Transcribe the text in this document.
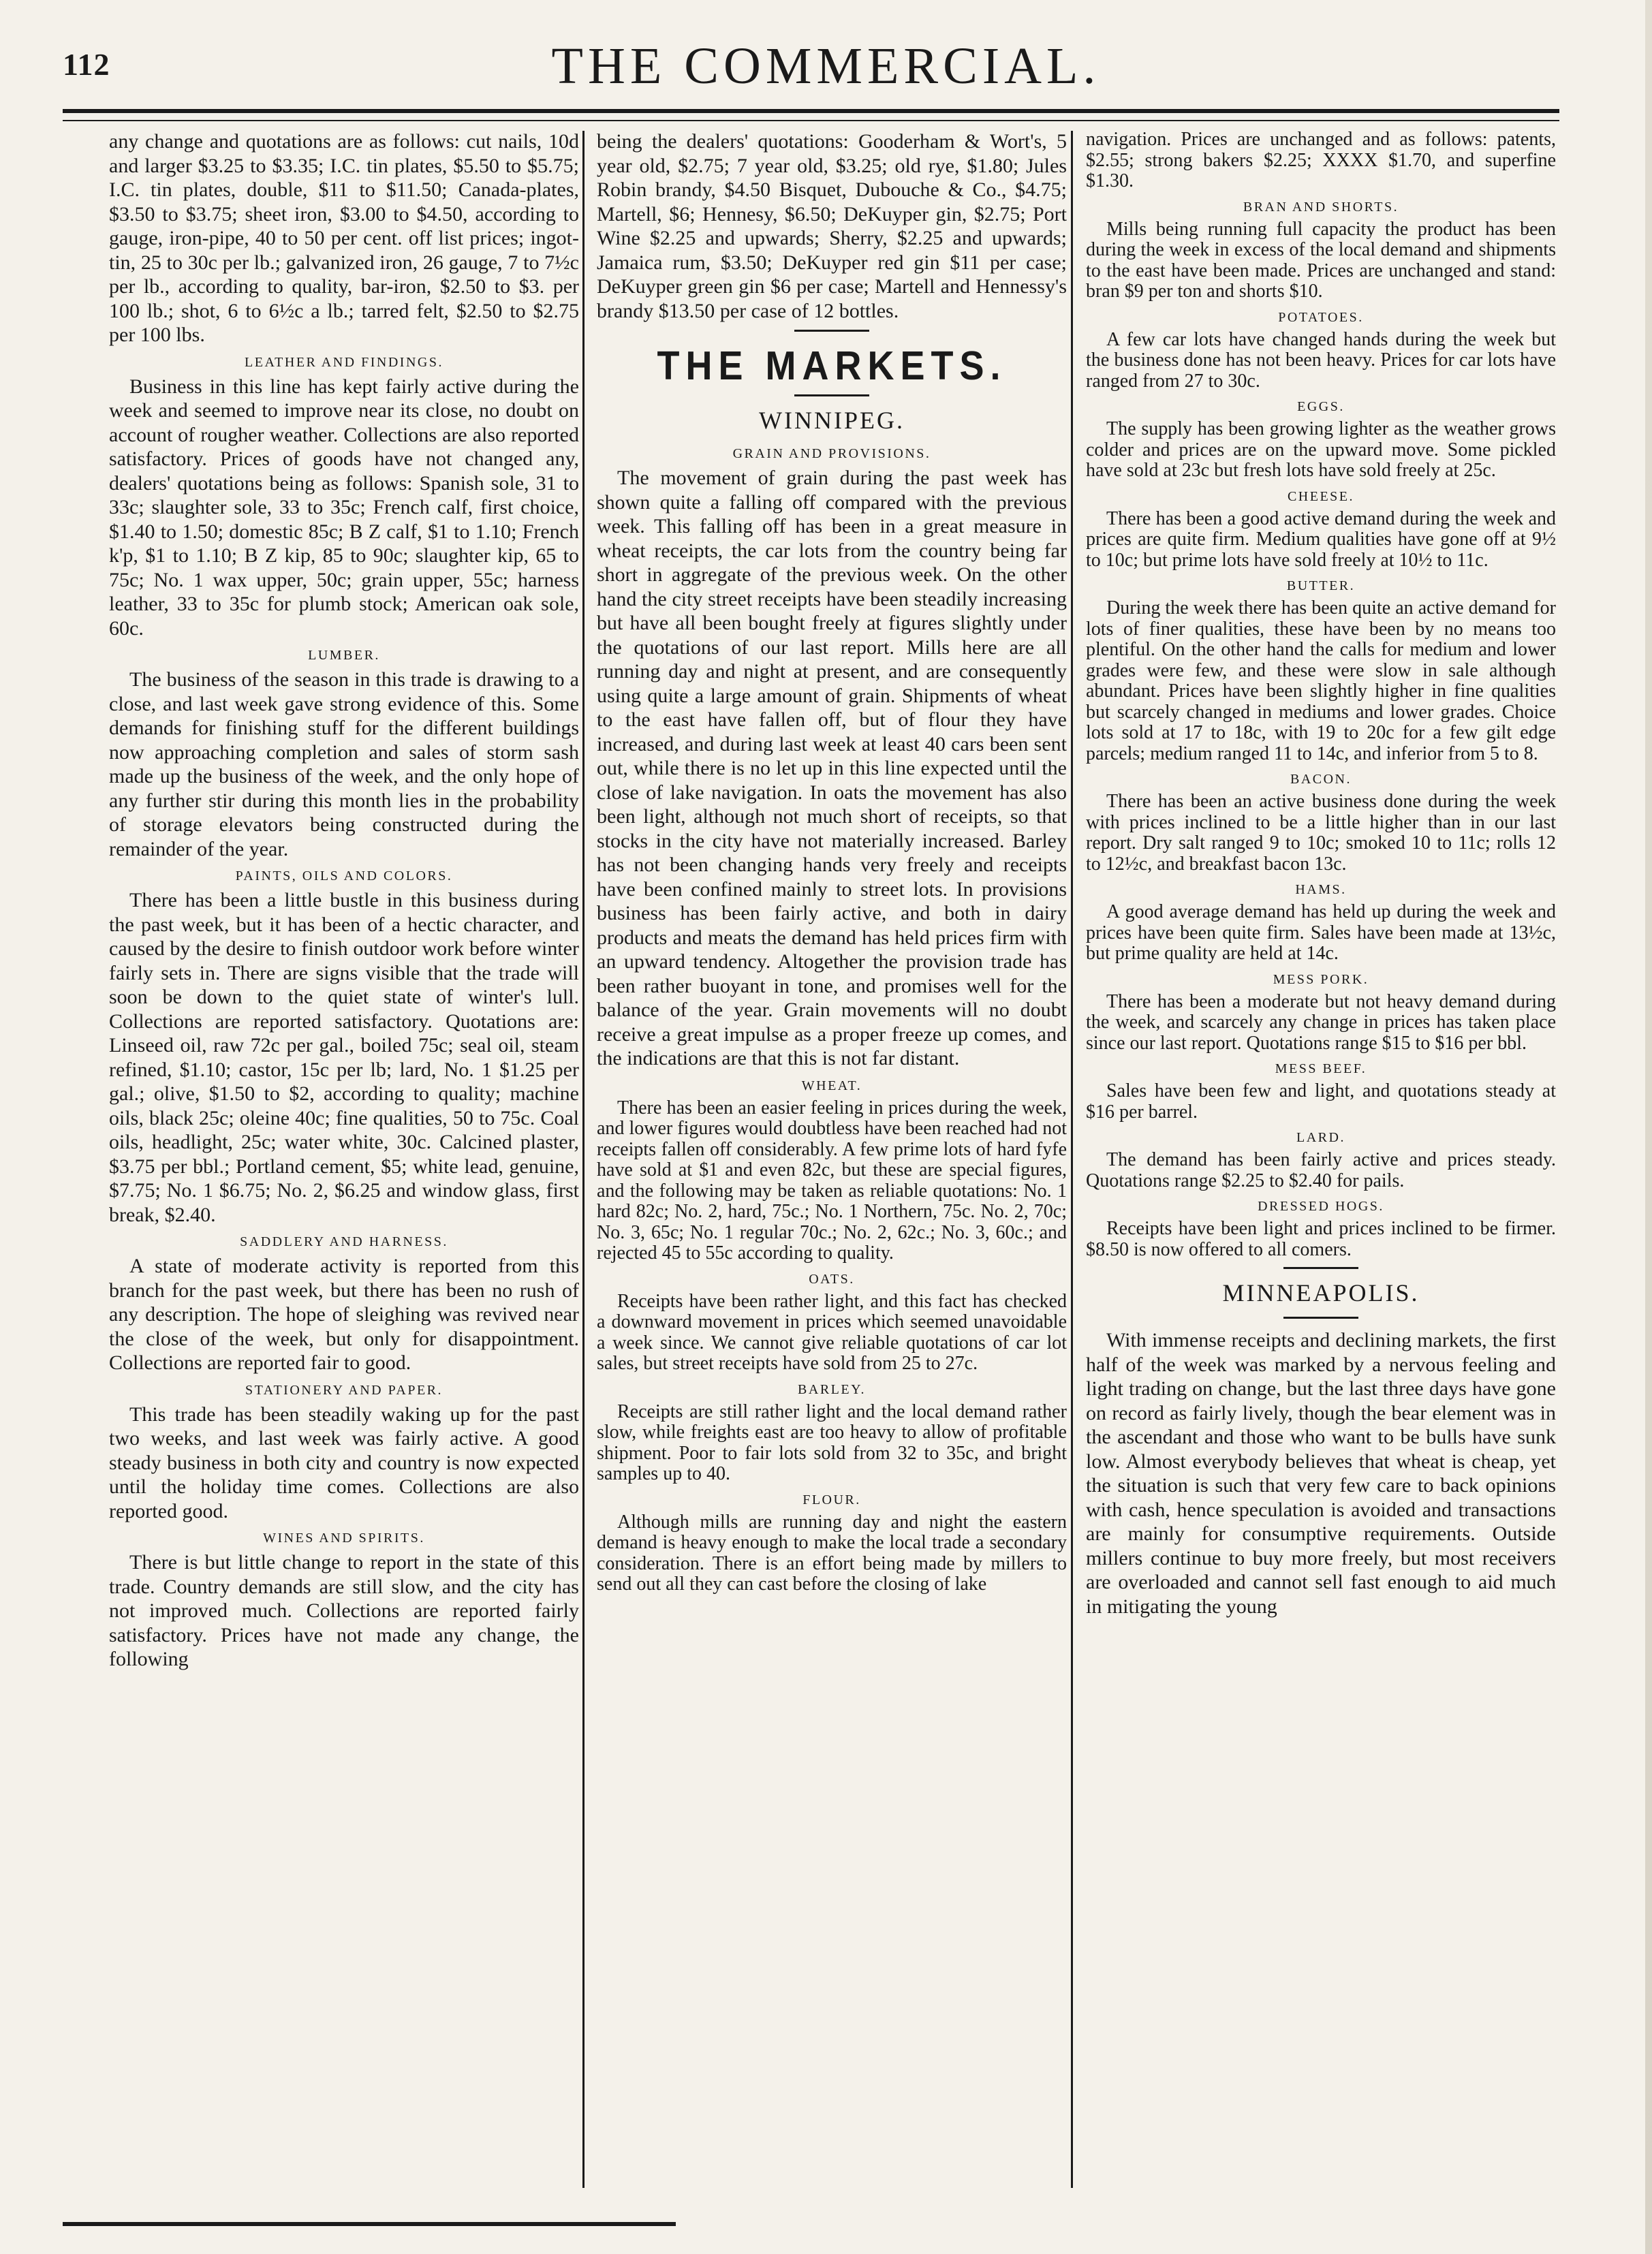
112	THE COMMERCIAL.

any change and quotations are as follows: cut nails, 10d and larger $3.25 to $3.35; I.C. tin plates, $5.50 to $5.75; I.C. tin plates, double, $11 to $11.50; Canada-plates, $3.50 to $3.75; sheet iron, $3.00 to $4.50, according to gauge, iron-pipe, 40 to 50 per cent. off list prices; ingot-tin, 25 to 30c per lb.; galvanized iron, 26 gauge, 7 to 7½c per lb., according to quality, bar-iron, $2.50 to $3. per 100 lb.; shot, 6 to 6½c a lb.; tarred felt, $2.50 to $2.75 per 100 lbs.

LEATHER AND FINDINGS.

Business in this line has kept fairly active during the week and seemed to improve near its close, no doubt on account of rougher weather. Collections are also reported satisfactory. Prices of goods have not changed any, dealers' quotations being as follows: Spanish sole, 31 to 33c; slaughter sole, 33 to 35c; French calf, first choice, $1.40 to 1.50; domestic 85c; B Z calf, $1 to 1.10; French k'p, $1 to 1.10; B Z kip, 85 to 90c; slaughter kip, 65 to 75c; No. 1 wax upper, 50c; grain upper, 55c; harness leather, 33 to 35c for plumb stock; American oak sole, 60c.

LUMBER.

The business of the season in this trade is drawing to a close, and last week gave strong evidence of this. Some demands for finishing stuff for the different buildings now approaching completion and sales of storm sash made up the business of the week, and the only hope of any further stir during this month lies in the probability of storage elevators being constructed during the remainder of the year.

PAINTS, OILS AND COLORS.

There has been a little bustle in this business during the past week, but it has been of a hectic character, and caused by the desire to finish outdoor work before winter fairly sets in. There are signs visible that the trade will soon be down to the quiet state of winter's lull. Collections are reported satisfactory. Quotations are: Linseed oil, raw 72c per gal., boiled 75c; seal oil, steam refined, $1.10; castor, 15c per lb; lard, No. 1 $1.25 per gal.; olive, $1.50 to $2, according to quality; machine oils, black 25c; oleine 40c; fine qualities, 50 to 75c. Coal oils, headlight, 25c; water white, 30c. Calcined plaster, $3.75 per bbl.; Portland cement, $5; white lead, genuine, $7.75; No. 1 $6.75; No. 2, $6.25 and window glass, first break, $2.40.

SADDLERY AND HARNESS.

A state of moderate activity is reported from this branch for the past week, but there has been no rush of any description. The hope of sleighing was revived near the close of the week, but only for disappointment. Collections are reported fair to good.

STATIONERY AND PAPER.

This trade has been steadily waking up for the past two weeks, and last week was fairly active. A good steady business in both city and country is now expected until the holiday time comes. Collections are also reported good.

WINES AND SPIRITS.

There is but little change to report in the state of this trade. Country demands are still slow, and the city has not improved much. Collections are reported fairly satisfactory. Prices have not made any change, the following

being the dealers' quotations: Gooderham & Wort's, 5 year old, $2.75; 7 year old, $3.25; old rye, $1.80; Jules Robin brandy, $4.50 Bisquet, Dubouche & Co., $4.75; Martell, $6; Hennesy, $6.50; DeKuyper gin, $2.75; Port Wine $2.25 and upwards; Sherry, $2.25 and upwards; Jamaica rum, $3.50; DeKuyper red gin $11 per case; DeKuyper green gin $6 per case; Martell and Hennessy's brandy $13.50 per case of 12 bottles.

THE MARKETS.
WINNIPEG.
GRAIN AND PROVISIONS.

The movement of grain during the past week has shown quite a falling off compared with the previous week. This falling off has been in a great measure in wheat receipts, the car lots from the country being far short in aggregate of the previous week. On the other hand the city street receipts have been steadily increasing but have all been bought freely at figures slightly under the quotations of our last report. Mills here are all running day and night at present, and are consequently using quite a large amount of grain. Shipments of wheat to the east have fallen off, but of flour they have increased, and during last week at least 40 cars been sent out, while there is no let up in this line expected until the close of lake navigation. In oats the movement has also been light, although not much short of receipts, so that stocks in the city have not materially increased. Barley has not been changing hands very freely and receipts have been confined mainly to street lots. In provisions business has been fairly active, and both in dairy products and meats the demand has held prices firm with an upward tendency. Altogether the provision trade has been rather buoyant in tone, and promises well for the balance of the year. Grain movements will no doubt receive a great impulse as a proper freeze up comes, and the indications are that this is not far distant.

WHEAT.

There has been an easier feeling in prices during the week, and lower figures would doubtless have been reached had not receipts fallen off considerably. A few prime lots of hard fyfe have sold at $1 and even 82c, but these are special figures, and the following may be taken as reliable quotations: No. 1 hard 82c; No. 2, hard, 75c.; No. 1 Northern, 75c. No. 2, 70c; No. 3, 65c; No. 1 regular 70c.; No. 2, 62c.; No. 3, 60c.; and rejected 45 to 55c according to quality.

OATS.

Receipts have been rather light, and this fact has checked a downward movement in prices which seemed unavoidable a week since. We cannot give reliable quotations of car lot sales, but street receipts have sold from 25 to 27c.

BARLEY.

Receipts are still rather light and the local demand rather slow, while freights east are too heavy to allow of profitable shipment. Poor to fair lots sold from 32 to 35c, and bright samples up to 40.

FLOUR.

Although mills are running day and night the eastern demand is heavy enough to make the local trade a secondary consideration. There is an effort being made by millers to send out all they can cast before the closing of lake

navigation. Prices are unchanged and as follows: patents, $2.55; strong bakers $2.25; XXXX $1.70, and superfine $1.30.

BRAN AND SHORTS.

Mills being running full capacity the product has been during the week in excess of the local demand and shipments to the east have been made. Prices are unchanged and stand: bran $9 per ton and shorts $10.

POTATOES.

A few car lots have changed hands during the week but the business done has not been heavy. Prices for car lots have ranged from 27 to 30c.

EGGS.

The supply has been growing lighter as the weather grows colder and prices are on the upward move. Some pickled have sold at 23c but fresh lots have sold freely at 25c.

CHEESE.

There has been a good active demand during the week and prices are quite firm. Medium qualities have gone off at 9½ to 10c; but prime lots have sold freely at 10½ to 11c.

BUTTER.

During the week there has been quite an active demand for lots of finer qualities, these have been by no means too plentiful. On the other hand the calls for medium and lower grades were few, and these were slow in sale although abundant. Prices have been slightly higher in fine qualities but scarcely changed in mediums and lower grades. Choice lots sold at 17 to 18c, with 19 to 20c for a few gilt edge parcels; medium ranged 11 to 14c, and inferior from 5 to 8.

BACON.

There has been an active business done during the week with prices inclined to be a little higher than in our last report. Dry salt ranged 9 to 10c; smoked 10 to 11c; rolls 12 to 12½c, and breakfast bacon 13c.

HAMS.

A good average demand has held up during the week and prices have been quite firm. Sales have been made at 13½c, but prime quality are held at 14c.

MESS PORK.

There has been a moderate but not heavy demand during the week, and scarcely any change in prices has taken place since our last report. Quotations range $15 to $16 per bbl.

MESS BEEF.

Sales have been few and light, and quotations steady at $16 per barrel.

LARD.

The demand has been fairly active and prices steady. Quotations range $2.25 to $2.40 for pails.

DRESSED HOGS.

Receipts have been light and prices inclined to be firmer. $8.50 is now offered to all comers.

MINNEAPOLIS.

With immense receipts and declining markets, the first half of the week was marked by a nervous feeling and light trading on change, but the last three days have gone on record as fairly lively, though the bear element was in the ascendant and those who want to be bulls have sunk low. Almost everybody believes that wheat is cheap, yet the situation is such that very few care to back opinions with cash, hence speculation is avoided and transactions are mainly for consumptive requirements. Outside millers continue to buy more freely, but most receivers are overloaded and cannot sell fast enough to aid much in mitigating the young
